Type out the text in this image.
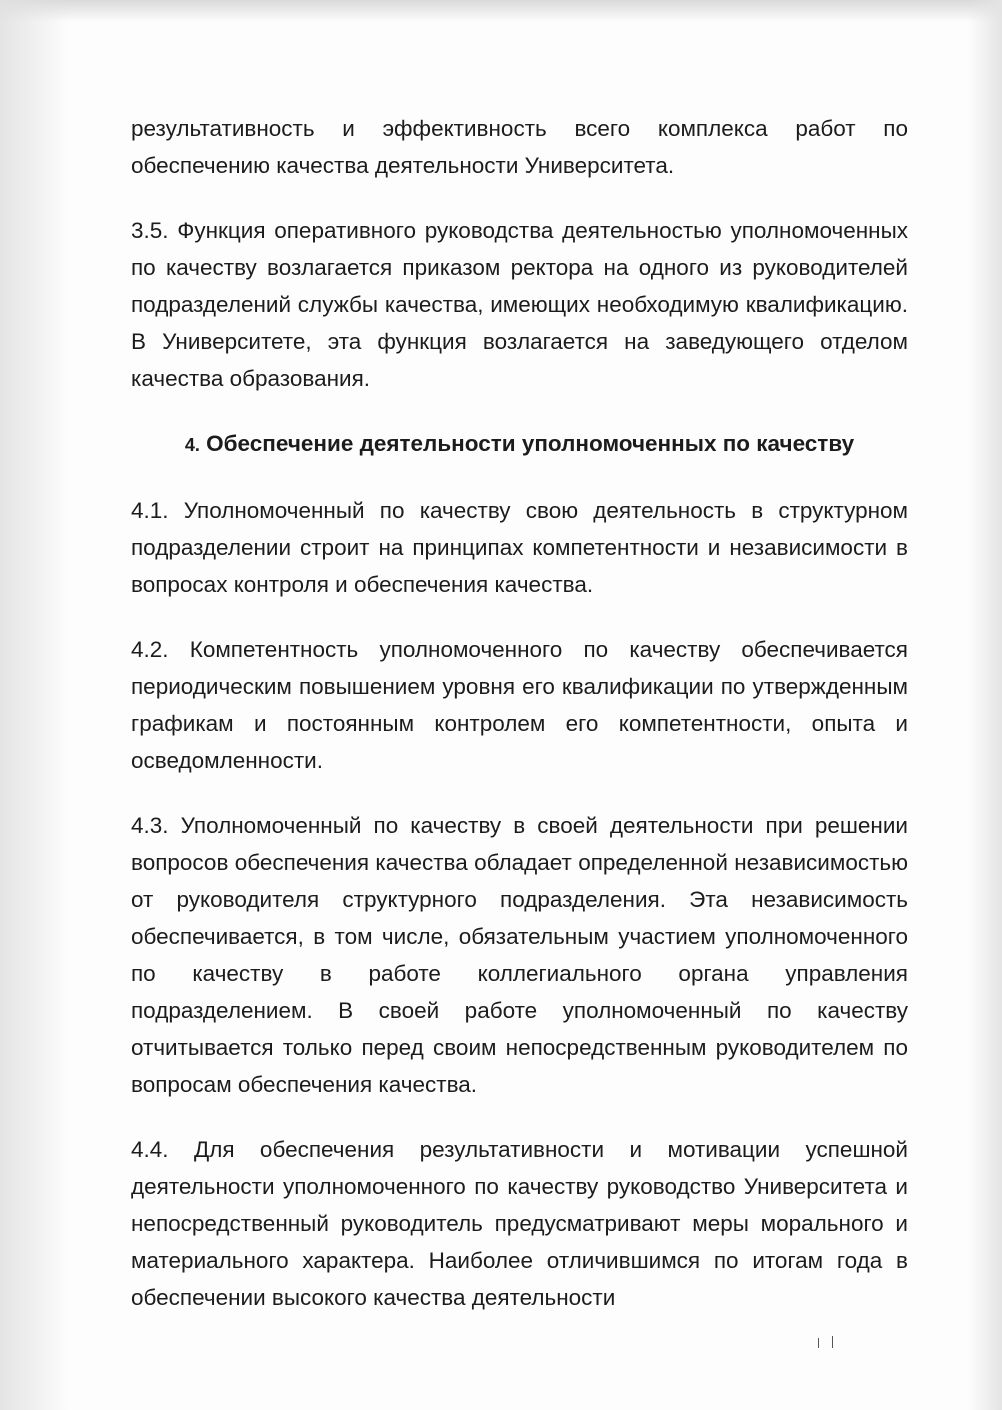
результативность и эффективность всего комплекса работ по обеспечению качества деятельности Университета.

3.5. Функция оперативного руководства деятельностью уполномоченных по качеству возлагается приказом ректора на одного из руководителей подразделений службы качества, имеющих необходимую квалификацию. В Университете, эта функция возлагается на заведующего отделом качества образования.

4. Обеспечение деятельности уполномоченных по качеству

4.1. Уполномоченный по качеству свою деятельность в структурном подразделении строит на принципах компетентности и независимости в вопросах контроля и обеспечения качества.

4.2. Компетентность уполномоченного по качеству обеспечивается периодическим повышением уровня его квалификации по утвержденным графикам и постоянным контролем его компетентности, опыта и осведомленности.

4.3. Уполномоченный по качеству в своей деятельности при решении вопросов обеспечения качества обладает определенной независимостью от руководителя структурного подразделения. Эта независимость обеспечивается, в том числе, обязательным участием уполномоченного по качеству в работе коллегиального органа управления подразделением. В своей работе уполномоченный по качеству отчитывается только перед своим непосредственным руководителем по вопросам обеспечения качества.

4.4. Для обеспечения результативности и мотивации успешной деятельности уполномоченного по качеству руководство Университета и непосредственный руководитель предусматривают меры морального и материального характера. Наиболее отличившимся по итогам года в обеспечении высокого качества деятельности
